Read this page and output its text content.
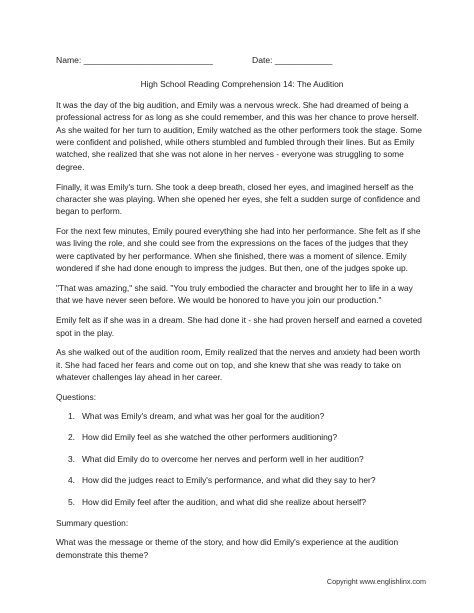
Name: ___________________________	Date: ____________
High School Reading Comprehension 14: The Audition

It was the day of the big audition, and Emily was a nervous wreck. She had dreamed of being a professional actress for as long as she could remember, and this was her chance to prove herself. As she waited for her turn to audition, Emily watched as the other performers took the stage. Some were confident and polished, while others stumbled and fumbled through their lines. But as Emily watched, she realized that she was not alone in her nerves - everyone was struggling to some degree.

Finally, it was Emily's turn. She took a deep breath, closed her eyes, and imagined herself as the character she was playing. When she opened her eyes, she felt a sudden surge of confidence and began to perform.

For the next few minutes, Emily poured everything she had into her performance. She felt as if she was living the role, and she could see from the expressions on the faces of the judges that they were captivated by her performance. When she finished, there was a moment of silence. Emily wondered if she had done enough to impress the judges. But then, one of the judges spoke up.

"That was amazing," she said. "You truly embodied the character and brought her to life in a way that we have never seen before. We would be honored to have you join our production."

Emily felt as if she was in a dream. She had done it - she had proven herself and earned a coveted spot in the play.

As she walked out of the audition room, Emily realized that the nerves and anxiety had been worth it. She had faced her fears and come out on top, and she knew that she was ready to take on whatever challenges lay ahead in her career.

Questions:
1. What was Emily's dream, and what was her goal for the audition?
2. How did Emily feel as she watched the other performers auditioning?
3. What did Emily do to overcome her nerves and perform well in her audition?
4. How did the judges react to Emily's performance, and what did they say to her?
5. How did Emily feel after the audition, and what did she realize about herself?
Summary question:

What was the message or theme of the story, and how did Emily's experience at the audition demonstrate this theme?

Copyright www.englishlinx.com
